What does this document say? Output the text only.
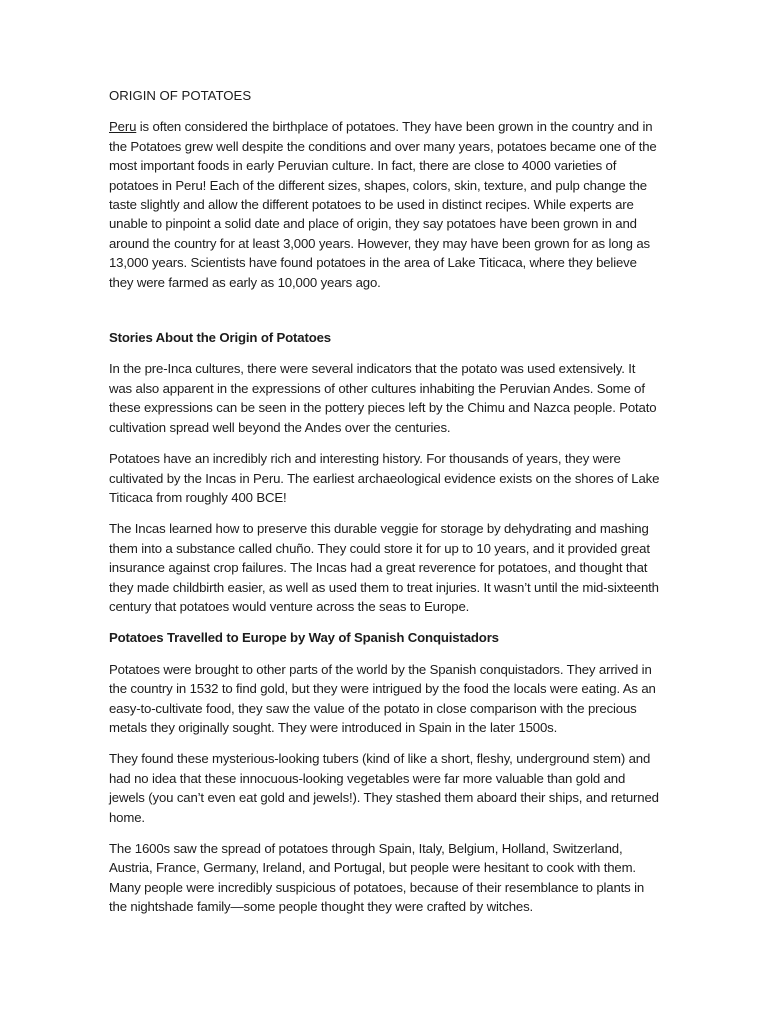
ORIGIN OF POTATOES

Peru is often considered the birthplace of potatoes. They have been grown in the country and in the Potatoes grew well despite the conditions and over many years, potatoes became one of the most important foods in early Peruvian culture. In fact, there are close to 4000 varieties of potatoes in Peru! Each of the different sizes, shapes, colors, skin, texture, and pulp change the taste slightly and allow the different potatoes to be used in distinct recipes. While experts are unable to pinpoint a solid date and place of origin, they say potatoes have been grown in and around the country for at least 3,000 years. However, they may have been grown for as long as 13,000 years. Scientists have found potatoes in the area of Lake Titicaca, where they believe they were farmed as early as 10,000 years ago.

Stories About the Origin of Potatoes

In the pre-Inca cultures, there were several indicators that the potato was used extensively. It was also apparent in the expressions of other cultures inhabiting the Peruvian Andes. Some of these expressions can be seen in the pottery pieces left by the Chimu and Nazca people. Potato cultivation spread well beyond the Andes over the centuries.

Potatoes have an incredibly rich and interesting history. For thousands of years, they were cultivated by the Incas in Peru. The earliest archaeological evidence exists on the shores of Lake Titicaca from roughly 400 BCE!

The Incas learned how to preserve this durable veggie for storage by dehydrating and mashing them into a substance called chuño. They could store it for up to 10 years, and it provided great insurance against crop failures. The Incas had a great reverence for potatoes, and thought that they made childbirth easier, as well as used them to treat injuries. It wasn’t until the mid-sixteenth century that potatoes would venture across the seas to Europe.

Potatoes Travelled to Europe by Way of Spanish Conquistadors

Potatoes were brought to other parts of the world by the Spanish conquistadors. They arrived in the country in 1532 to find gold, but they were intrigued by the food the locals were eating. As an easy-to-cultivate food, they saw the value of the potato in close comparison with the precious metals they originally sought. They were introduced in Spain in the later 1500s.

They found these mysterious-looking tubers (kind of like a short, fleshy, underground stem) and had no idea that these innocuous-looking vegetables were far more valuable than gold and jewels (you can’t even eat gold and jewels!). They stashed them aboard their ships, and returned home.

The 1600s saw the spread of potatoes through Spain, Italy, Belgium, Holland, Switzerland, Austria, France, Germany, Ireland, and Portugal, but people were hesitant to cook with them. Many people were incredibly suspicious of potatoes, because of their resemblance to plants in the nightshade family—some people thought they were crafted by witches.
